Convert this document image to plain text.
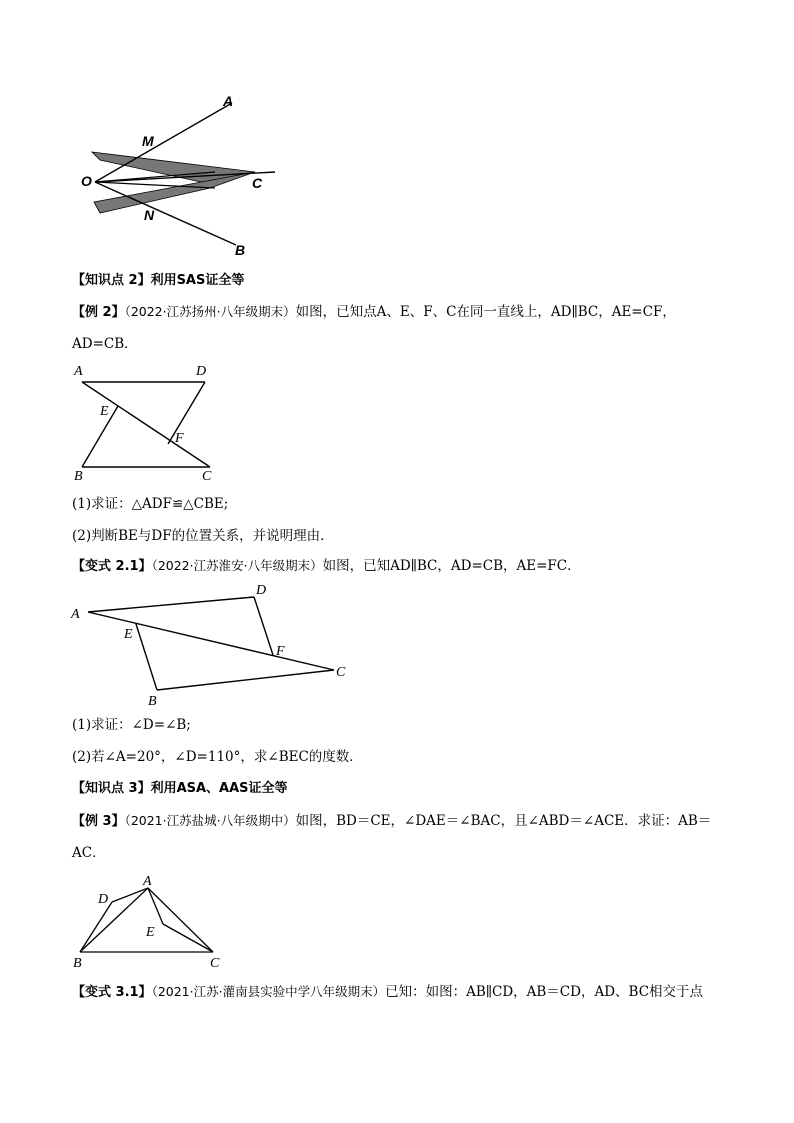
A
M
O	C
N
B
【知识点 2】利用SAS证全等
【例 2】（2022·江苏扬州·八年级期末）如图，已知点A、E、F、C在同一直线上，AD∥BC，AE=CF，
AD=CB．
A	D
E
F
B	C
(1)求证：△ADF≌△CBE;
(2)判断BE与DF的位置关系，并说明理由．
【变式 2.1】（2022·江苏淮安·八年级期末）如图，已知AD∥BC，AD=CB，AE=FC．
A
D
E
F
B
C
(1)求证：∠D=∠B;
(2)若∠A=20°，∠D=110°，求∠BEC的度数．
【知识点 3】利用ASA、AAS证全等
【例 3】（2021·江苏盐城·八年级期中）如图，BD＝CE，∠DAE＝∠BAC，且∠ABD＝∠ACE．求证：AB＝
AC．
A
D
E
B	C
【变式 3.1】（2021·江苏·灌南县实验中学八年级期末）已知：如图：AB∥CD，AB＝CD，AD、BC相交于点
